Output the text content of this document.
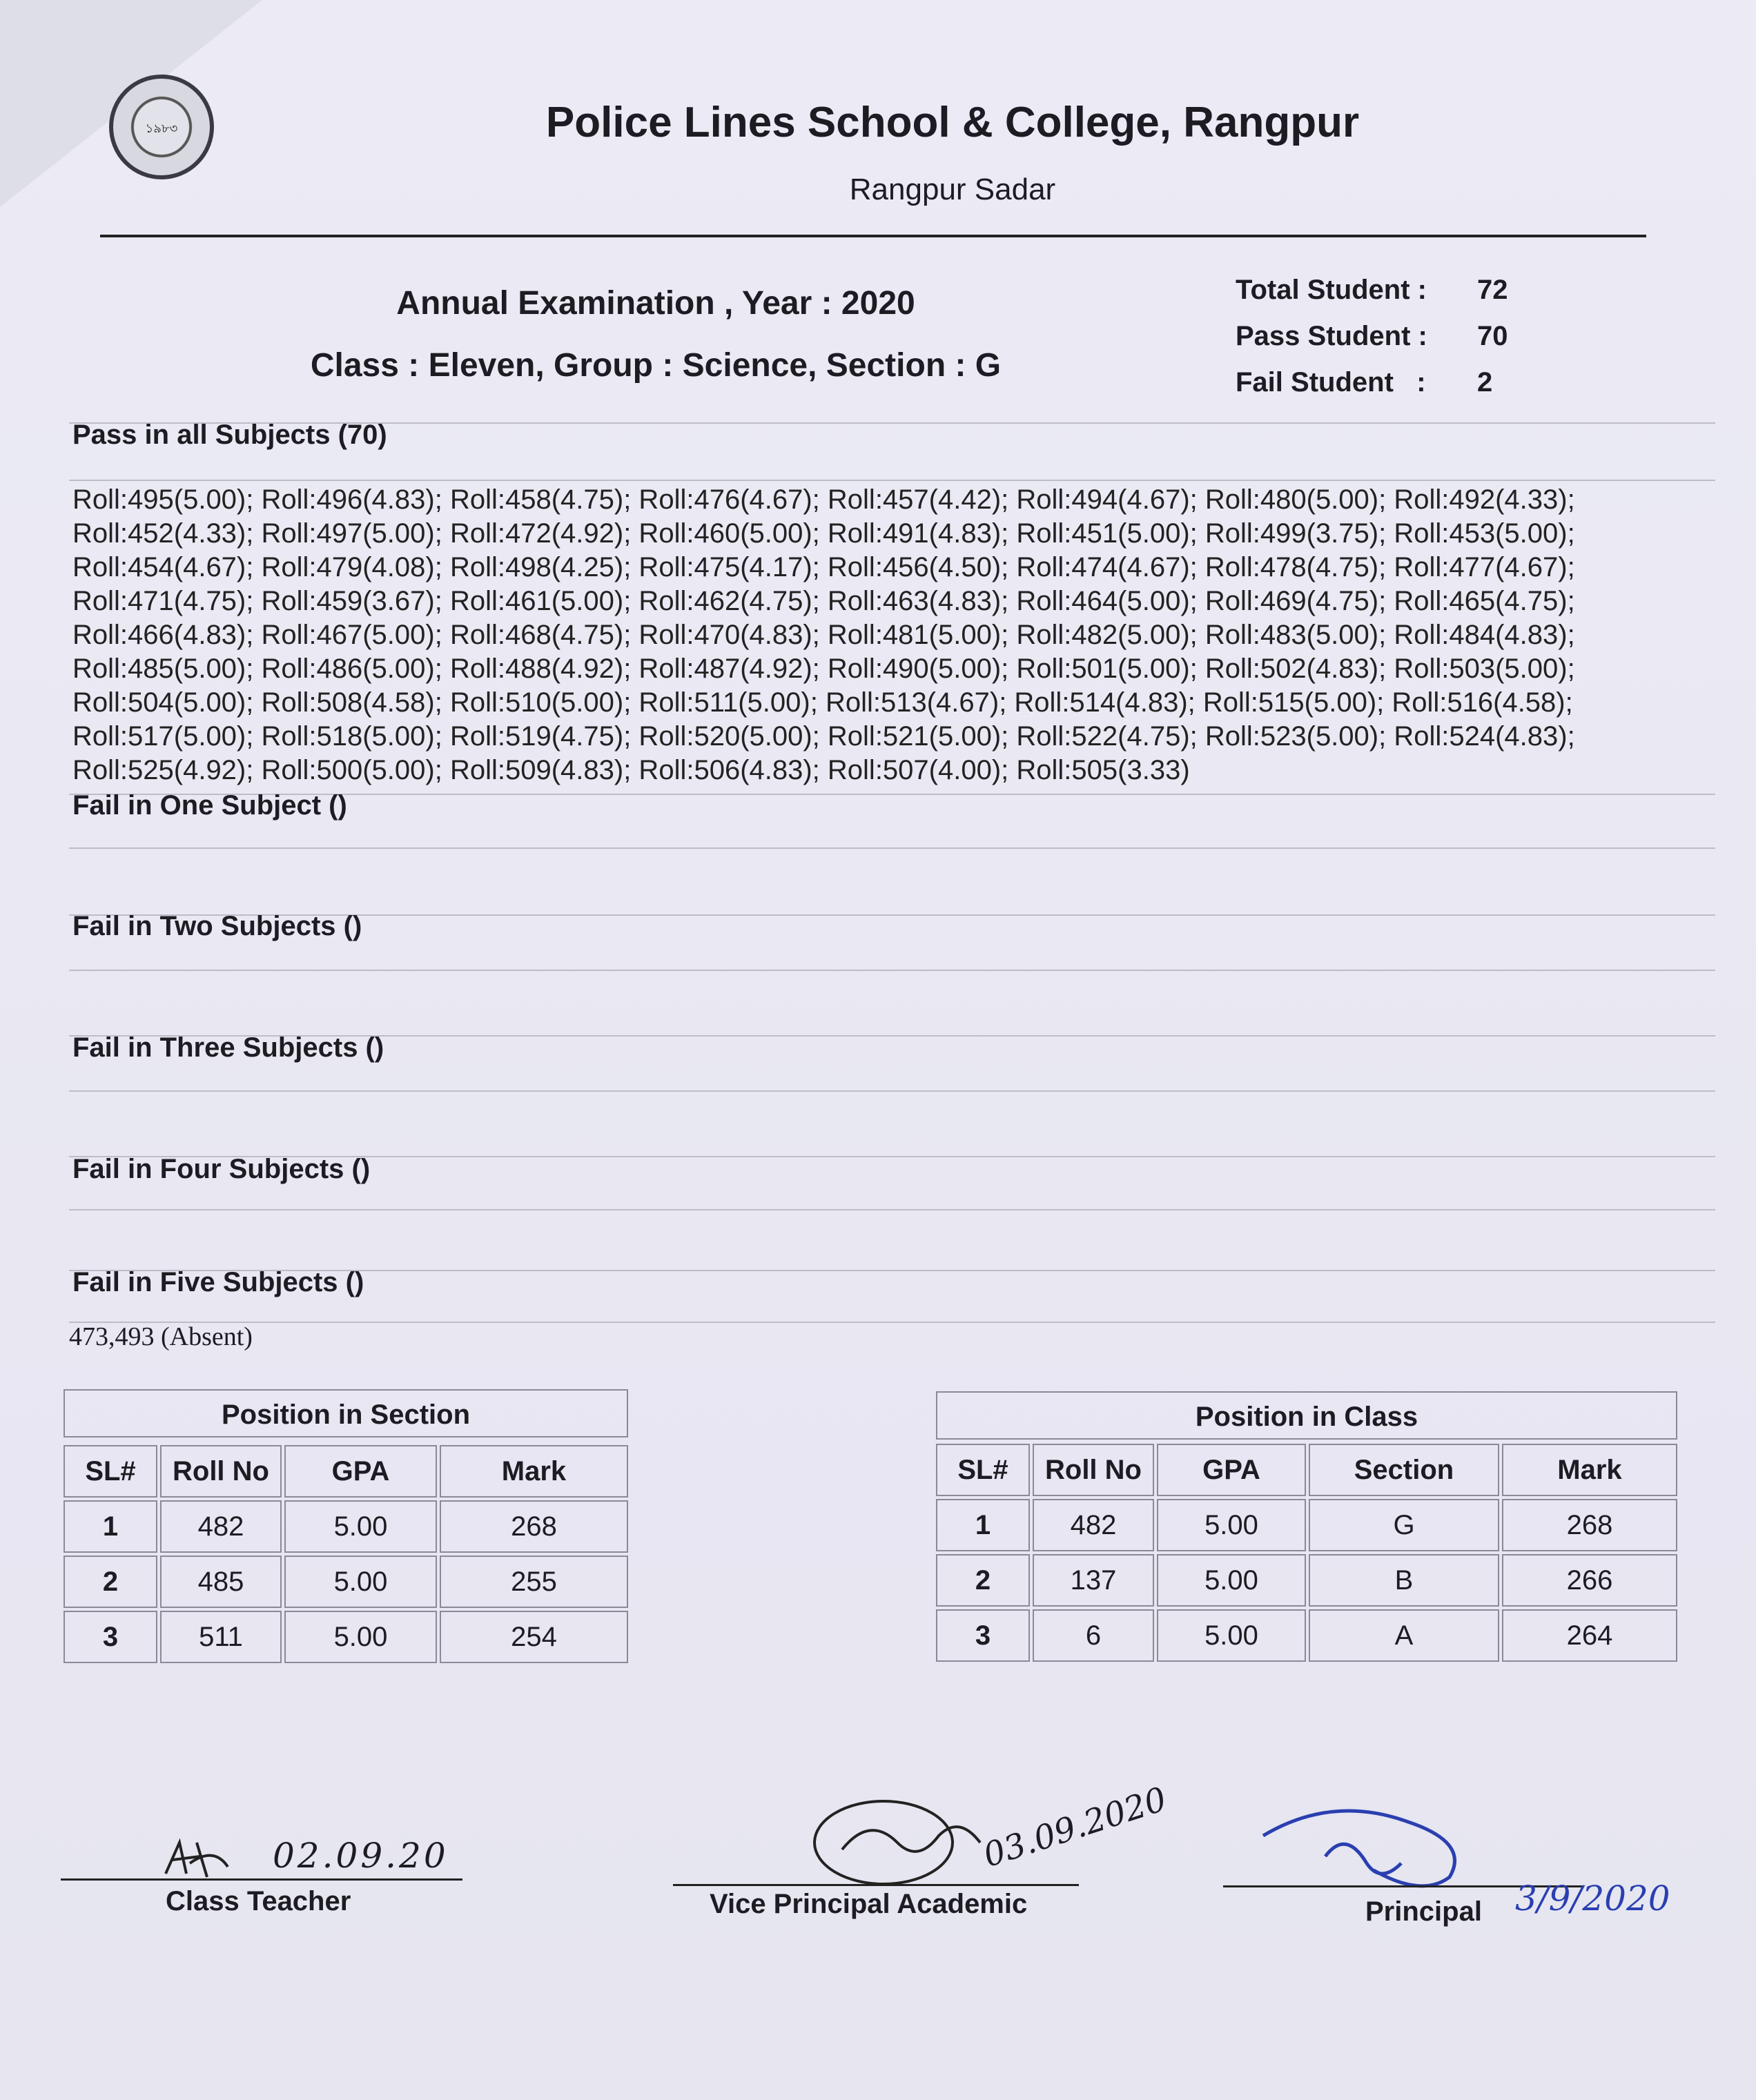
১৯৮৩	Police Lines School & College, Rangpur
Rangpur Sadar
Annual Examination , Year : 2020
Class : Eleven, Group : Science, Section : G
Total Student : 72
Pass Student : 70
Fail Student   : 2
Pass in all Subjects (70)
Roll:495(5.00); Roll:496(4.83); Roll:458(4.75); Roll:476(4.67); Roll:457(4.42); Roll:494(4.67); Roll:480(5.00); Roll:492(4.33);
Roll:452(4.33); Roll:497(5.00); Roll:472(4.92); Roll:460(5.00); Roll:491(4.83); Roll:451(5.00); Roll:499(3.75); Roll:453(5.00);
Roll:454(4.67); Roll:479(4.08); Roll:498(4.25); Roll:475(4.17); Roll:456(4.50); Roll:474(4.67); Roll:478(4.75); Roll:477(4.67);
Roll:471(4.75); Roll:459(3.67); Roll:461(5.00); Roll:462(4.75); Roll:463(4.83); Roll:464(5.00); Roll:469(4.75); Roll:465(4.75);
Roll:466(4.83); Roll:467(5.00); Roll:468(4.75); Roll:470(4.83); Roll:481(5.00); Roll:482(5.00); Roll:483(5.00); Roll:484(4.83);
Roll:485(5.00); Roll:486(5.00); Roll:488(4.92); Roll:487(4.92); Roll:490(5.00); Roll:501(5.00); Roll:502(4.83); Roll:503(5.00);
Roll:504(5.00); Roll:508(4.58); Roll:510(5.00); Roll:511(5.00); Roll:513(4.67); Roll:514(4.83); Roll:515(5.00); Roll:516(4.58);
Roll:517(5.00); Roll:518(5.00); Roll:519(4.75); Roll:520(5.00); Roll:521(5.00); Roll:522(4.75); Roll:523(5.00); Roll:524(4.83);
Roll:525(4.92); Roll:500(5.00); Roll:509(4.83); Roll:506(4.83); Roll:507(4.00); Roll:505(3.33)
Fail in One Subject ()
Fail in Two Subjects ()
Fail in Three Subjects ()
Fail in Four Subjects ()
Fail in Five Subjects ()
473,493 (Absent)
Position in Section
SL#	Roll No	GPA	Mark
1	482	5.00	268
2	485	5.00	255
3	511	5.00	254
Position in Class
SL#	Roll No	GPA	Section	Mark
1	482	5.00	G	268
2	137	5.00	B	266
3	6	5.00	A	264
02.09.20
Class Teacher
03.09.2020
Vice Principal Academic	Principal 3/9/2020
